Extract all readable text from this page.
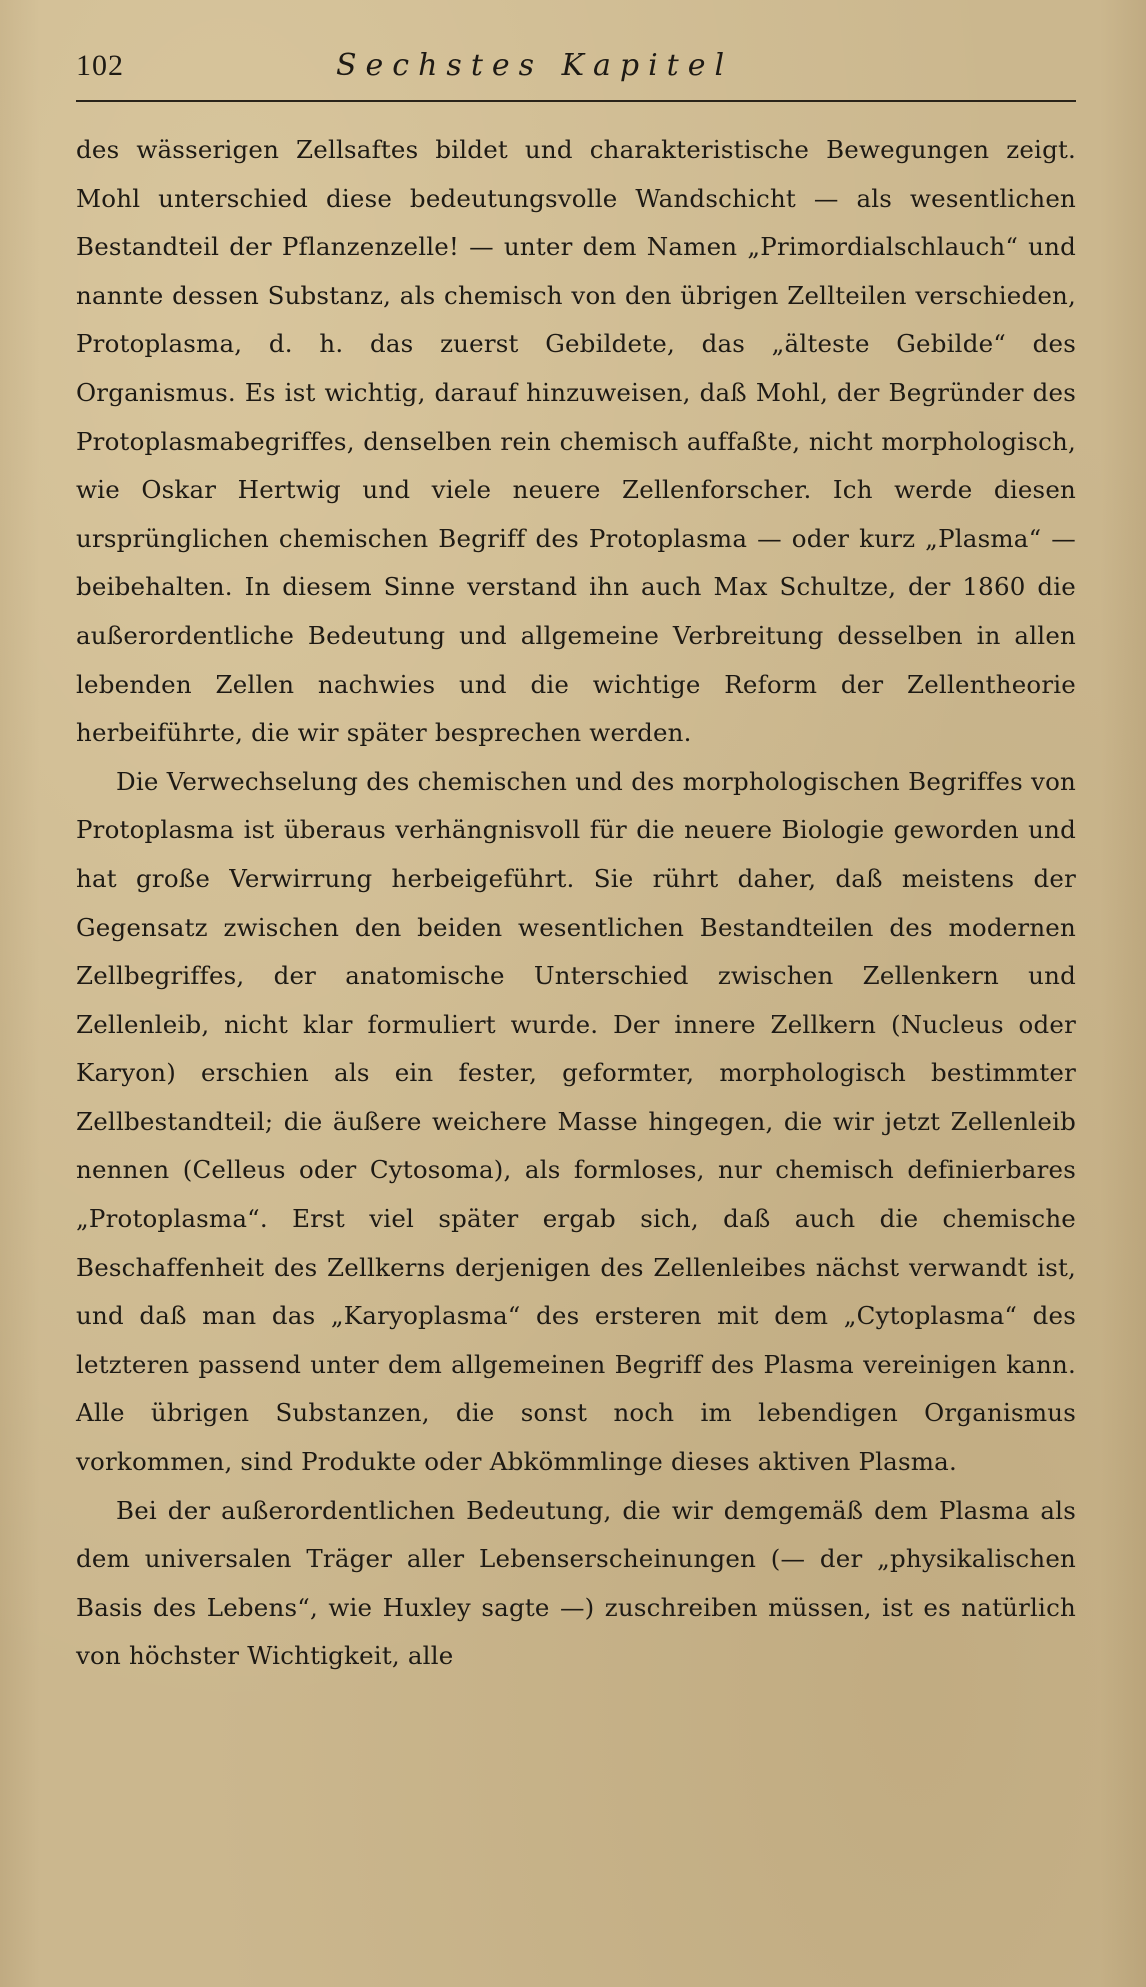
102	Sechstes Kapitel

des wässerigen Zellsaftes bildet und charakteristische Bewegungen zeigt. Mohl unterschied diese bedeutungsvolle Wandschicht — als wesentlichen Bestandteil der Pflanzenzelle! — unter dem Namen „Primordialschlauch“ und nannte dessen Substanz, als chemisch von den übrigen Zellteilen verschieden, Protoplasma, d. h. das zuerst Gebildete, das „älteste Gebilde“ des Organismus. Es ist wichtig, darauf hinzuweisen, daß Mohl, der Begründer des Protoplasmabegriffes, denselben rein chemisch auffaßte, nicht morphologisch, wie Oskar Hertwig und viele neuere Zellenforscher. Ich werde diesen ursprünglichen chemischen Begriff des Protoplasma — oder kurz „Plasma“ — beibehalten. In diesem Sinne verstand ihn auch Max Schultze, der 1860 die außerordentliche Bedeutung und allgemeine Verbreitung desselben in allen lebenden Zellen nachwies und die wichtige Reform der Zellentheorie herbeiführte, die wir später besprechen werden.

Die Verwechselung des chemischen und des morphologischen Begriffes von Protoplasma ist überaus verhängnisvoll für die neuere Biologie geworden und hat große Verwirrung herbeigeführt. Sie rührt daher, daß meistens der Gegensatz zwischen den beiden wesentlichen Bestandteilen des modernen Zellbegriffes, der anatomische Unterschied zwischen Zellenkern und Zellenleib, nicht klar formuliert wurde. Der innere Zellkern (Nucleus oder Karyon) erschien als ein fester, geformter, morphologisch bestimmter Zellbestandteil; die äußere weichere Masse hingegen, die wir jetzt Zellenleib nennen (Celleus oder Cytosoma), als formloses, nur chemisch definierbares „Protoplasma“. Erst viel später ergab sich, daß auch die chemische Beschaffenheit des Zellkerns derjenigen des Zellenleibes nächst verwandt ist, und daß man das „Karyoplasma“ des ersteren mit dem „Cytoplasma“ des letzteren passend unter dem allgemeinen Begriff des Plasma vereinigen kann. Alle übrigen Substanzen, die sonst noch im lebendigen Organismus vorkommen, sind Produkte oder Abkömmlinge dieses aktiven Plasma.

Bei der außerordentlichen Bedeutung, die wir demgemäß dem Plasma als dem universalen Träger aller Lebenserscheinungen (— der „physikalischen Basis des Lebens“, wie Huxley sagte —) zuschreiben müssen, ist es natürlich von höchster Wichtigkeit, alle
